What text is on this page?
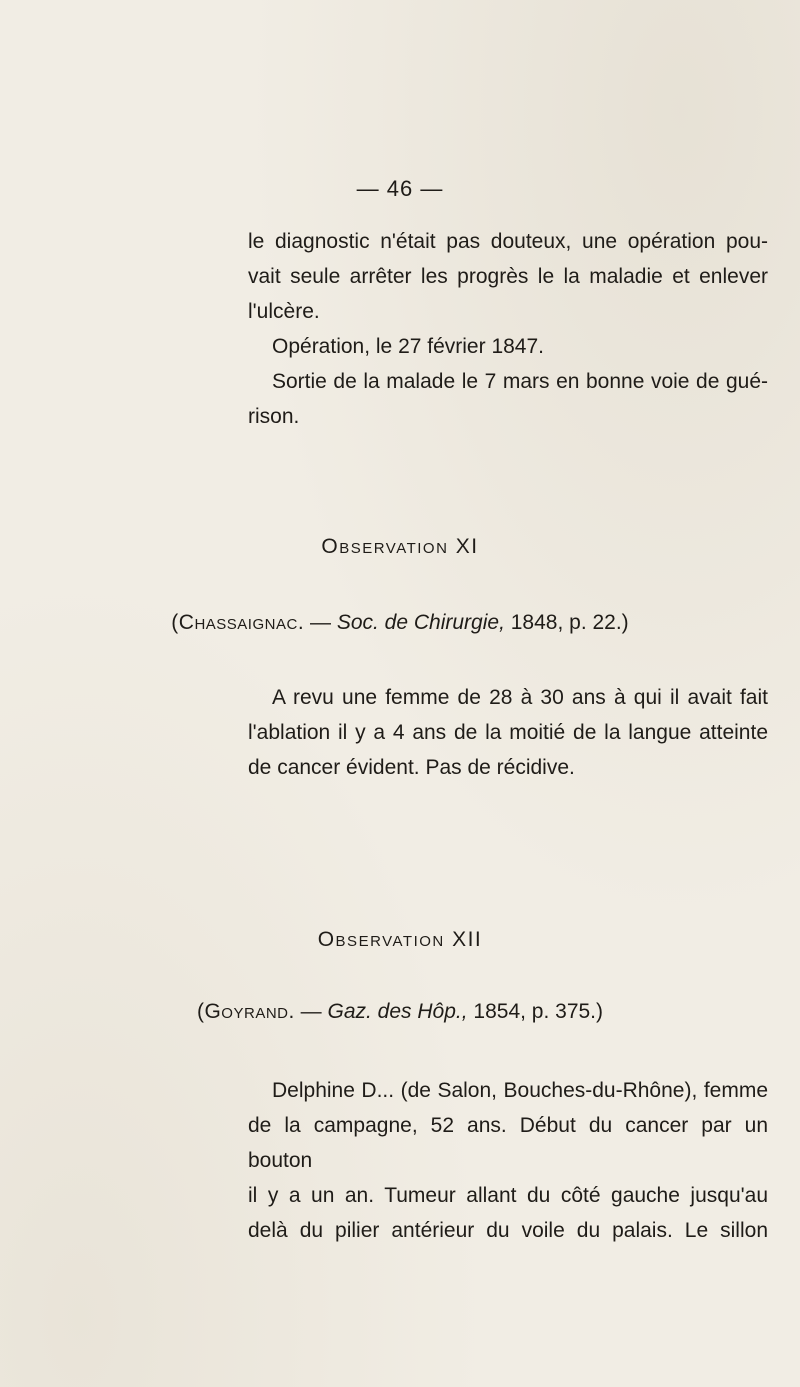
— 46 —

le diagnostic n'était pas douteux, une opération pou-
vait seule arrêter les progrès le la maladie et enlever
l'ulcère.
Opération, le 27 février 1847.
Sortie de la malade le 7 mars en bonne voie de gué-
rison.

Observation XI
(Chassaignac. — Soc. de Chirurgie, 1848, p. 22.)

A revu une femme de 28 à 30 ans à qui il avait fait
l'ablation il y a 4 ans de la moitié de la langue atteinte
de cancer évident. Pas de récidive.

Observation XII
(Goyrand. — Gaz. des Hôp., 1854, p. 375.)

Delphine D... (de Salon, Bouches-du-Rhône), femme
de la campagne, 52 ans. Début du cancer par un bouton
il y a un an. Tumeur allant du côté gauche jusqu'au
delà du pilier antérieur du voile du palais. Le sillon
